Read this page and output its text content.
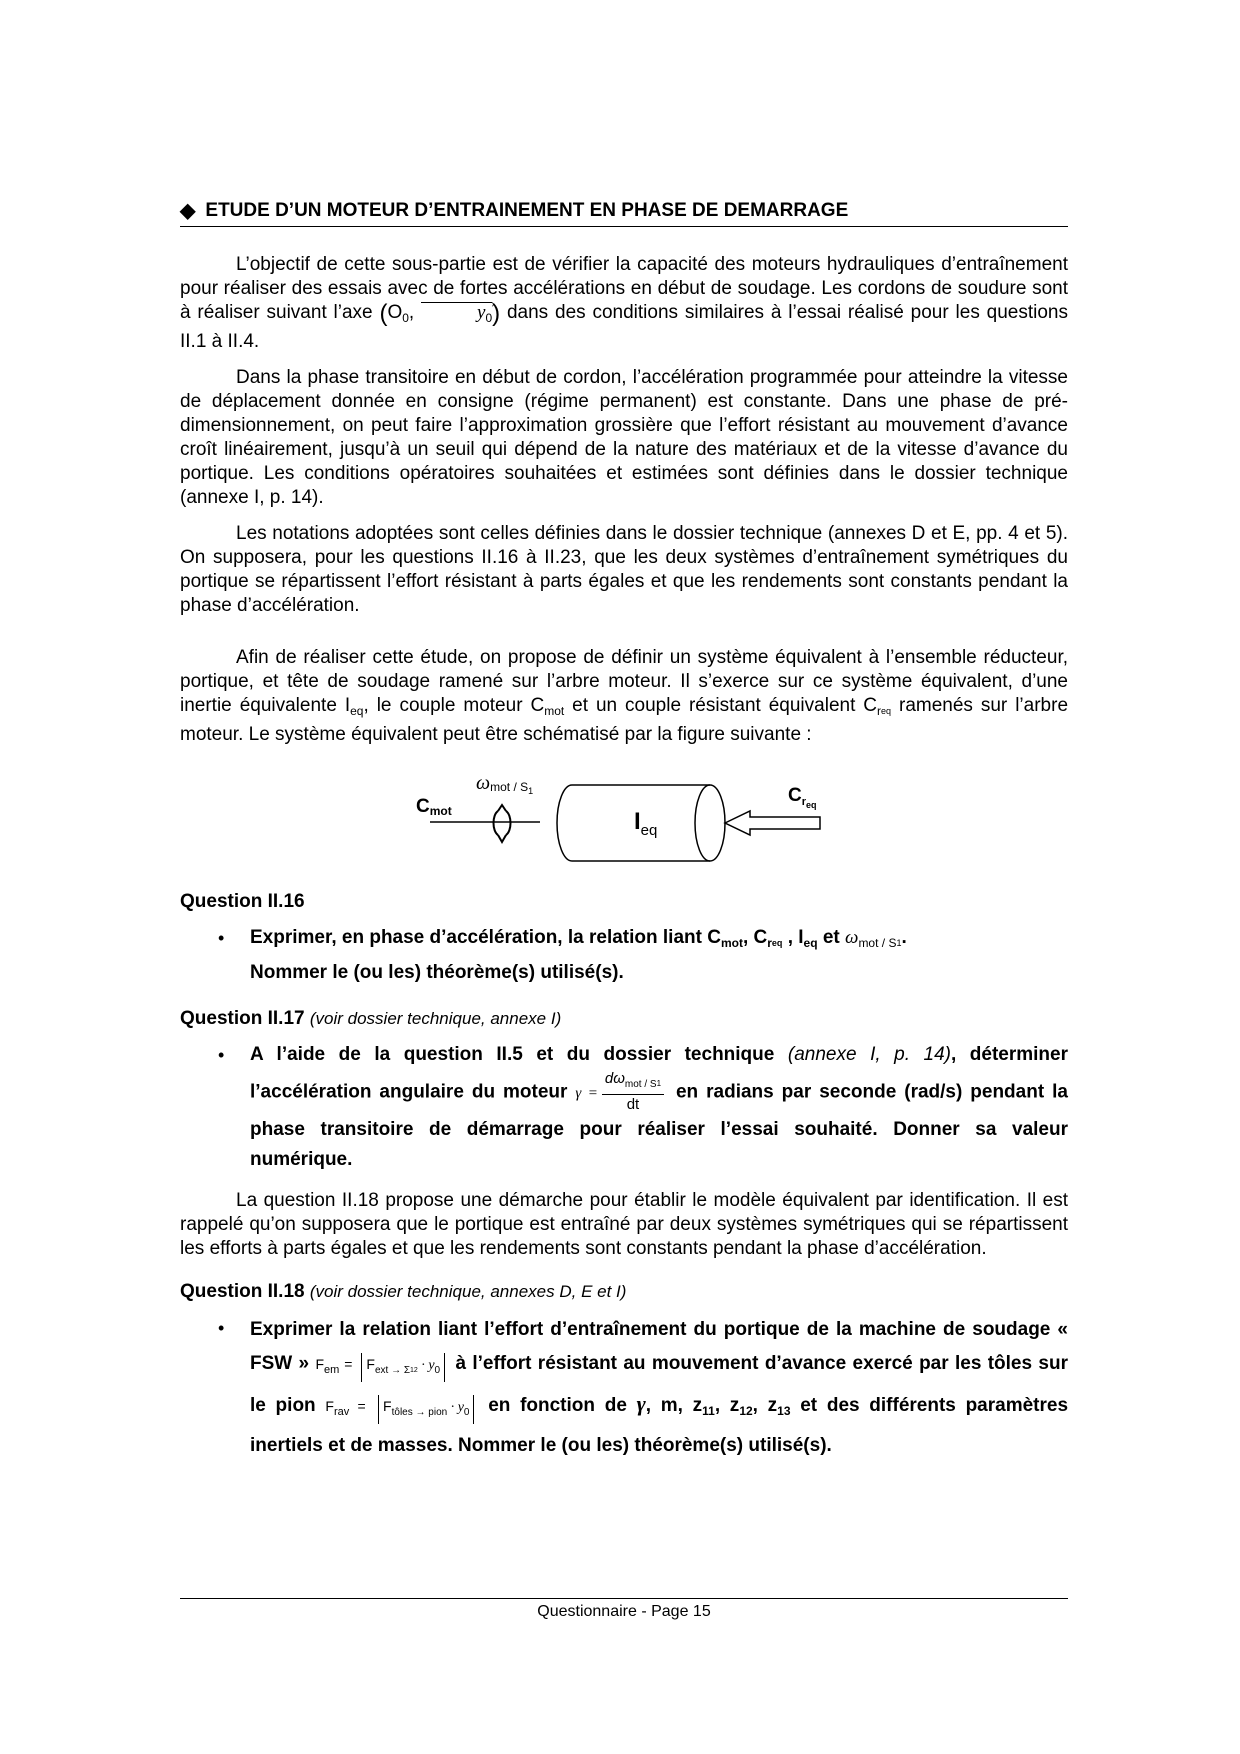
◆ ETUDE D’UN MOTEUR D’ENTRAINEMENT EN PHASE DE DEMARRAGE

L’objectif de cette sous-partie est de vérifier la capacité des moteurs hydrauliques d’entraînement pour réaliser des essais avec de fortes accélérations en début de soudage. Les cordons de soudure sont à réaliser suivant l’axe ($O_0$,	$y_0$ ›) dans des conditions similaires à l’essai réalisé pour les questions II.1 à II.4.

Dans la phase transitoire en début de cordon, l’accélération programmée pour atteindre la vitesse de déplacement donnée en consigne (régime permanent) est constante. Dans une phase de pré-dimensionnement, on peut faire l’approximation grossière que l’effort résistant au mouvement d’avance croît linéairement, jusqu’à un seuil qui dépend de la nature des matériaux et de la vitesse d’avance du portique. Les conditions opératoires souhaitées et estimées sont définies dans le dossier technique (annexe I, p. 14).

Les notations adoptées sont celles définies dans le dossier technique (annexes D et E, pp. 4 et 5). On supposera, pour les questions II.16 à II.23, que les deux systèmes d’entraînement symétriques du portique se répartissent l’effort résistant à parts égales et que les rendements sont constants pendant la phase d’accélération.

Afin de réaliser cette étude, on propose de définir un système équivalent à l’ensemble réducteur, portique, et tête de soudage ramené sur l’arbre moteur. Il s’exerce sur ce système équivalent, d’une inertie équivalente $I_{eq}$, le couple moteur $C_{mot}$ et un couple résistant équivalent $C_{req}$ ramenés sur l’arbre moteur. Le système équivalent peut être schématisé par la figure suivante :

Cmot
ωmot / S1
$I_{eq}$
$C_req$
Question II.16
•	Exprimer, en phase d’accélération, la relation liant $C_{mot}$, $C_{req}$ , $I_{eq}$ et $\omega_{mot / S1}$.
Nommer le (ou les) théorème(s) utilisé(s).
Question II.17 (voir dossier technique, annexe I)
•	A l’aide de la question II.5 et du dossier technique (annexe I, p. 14), déterminer l’accélération angulaire du moteur $\gamma = \frac{d\omega_{mot / S1}}{dt}$ en radians par seconde (rad/s) pendant la phase transitoire de démarrage pour réaliser l’essai souhaité. Donner sa valeur numérique.

La question II.18 propose une démarche pour établir le modèle équivalent par identification. Il est rappelé qu’on supposera que le portique est entraîné par deux systèmes symétriques qui se répartissent les efforts à parts égales et que les rendements sont constants pendant la phase d’accélération.

Question II.18 (voir dossier technique, annexes D, E et I)
•	Exprimer la relation liant l’effort d’entraînement du portique de la machine de soudage « FSW » $F_{em} = F_{ext \to \Sigma 12} \cdot y_0$ à l’effort résistant au mouvement d’avance exercé par les tôles sur le pion $F_{rav} = F_{tôles \to pion} \cdot y_0$ en fonction de γ, m, $z_{11}$, $z_{12}$, $z_{13}$ et des différents paramètres inertiels et de masses. Nommer le (ou les) théorème(s) utilisé(s).
Questionnaire - Page 15
